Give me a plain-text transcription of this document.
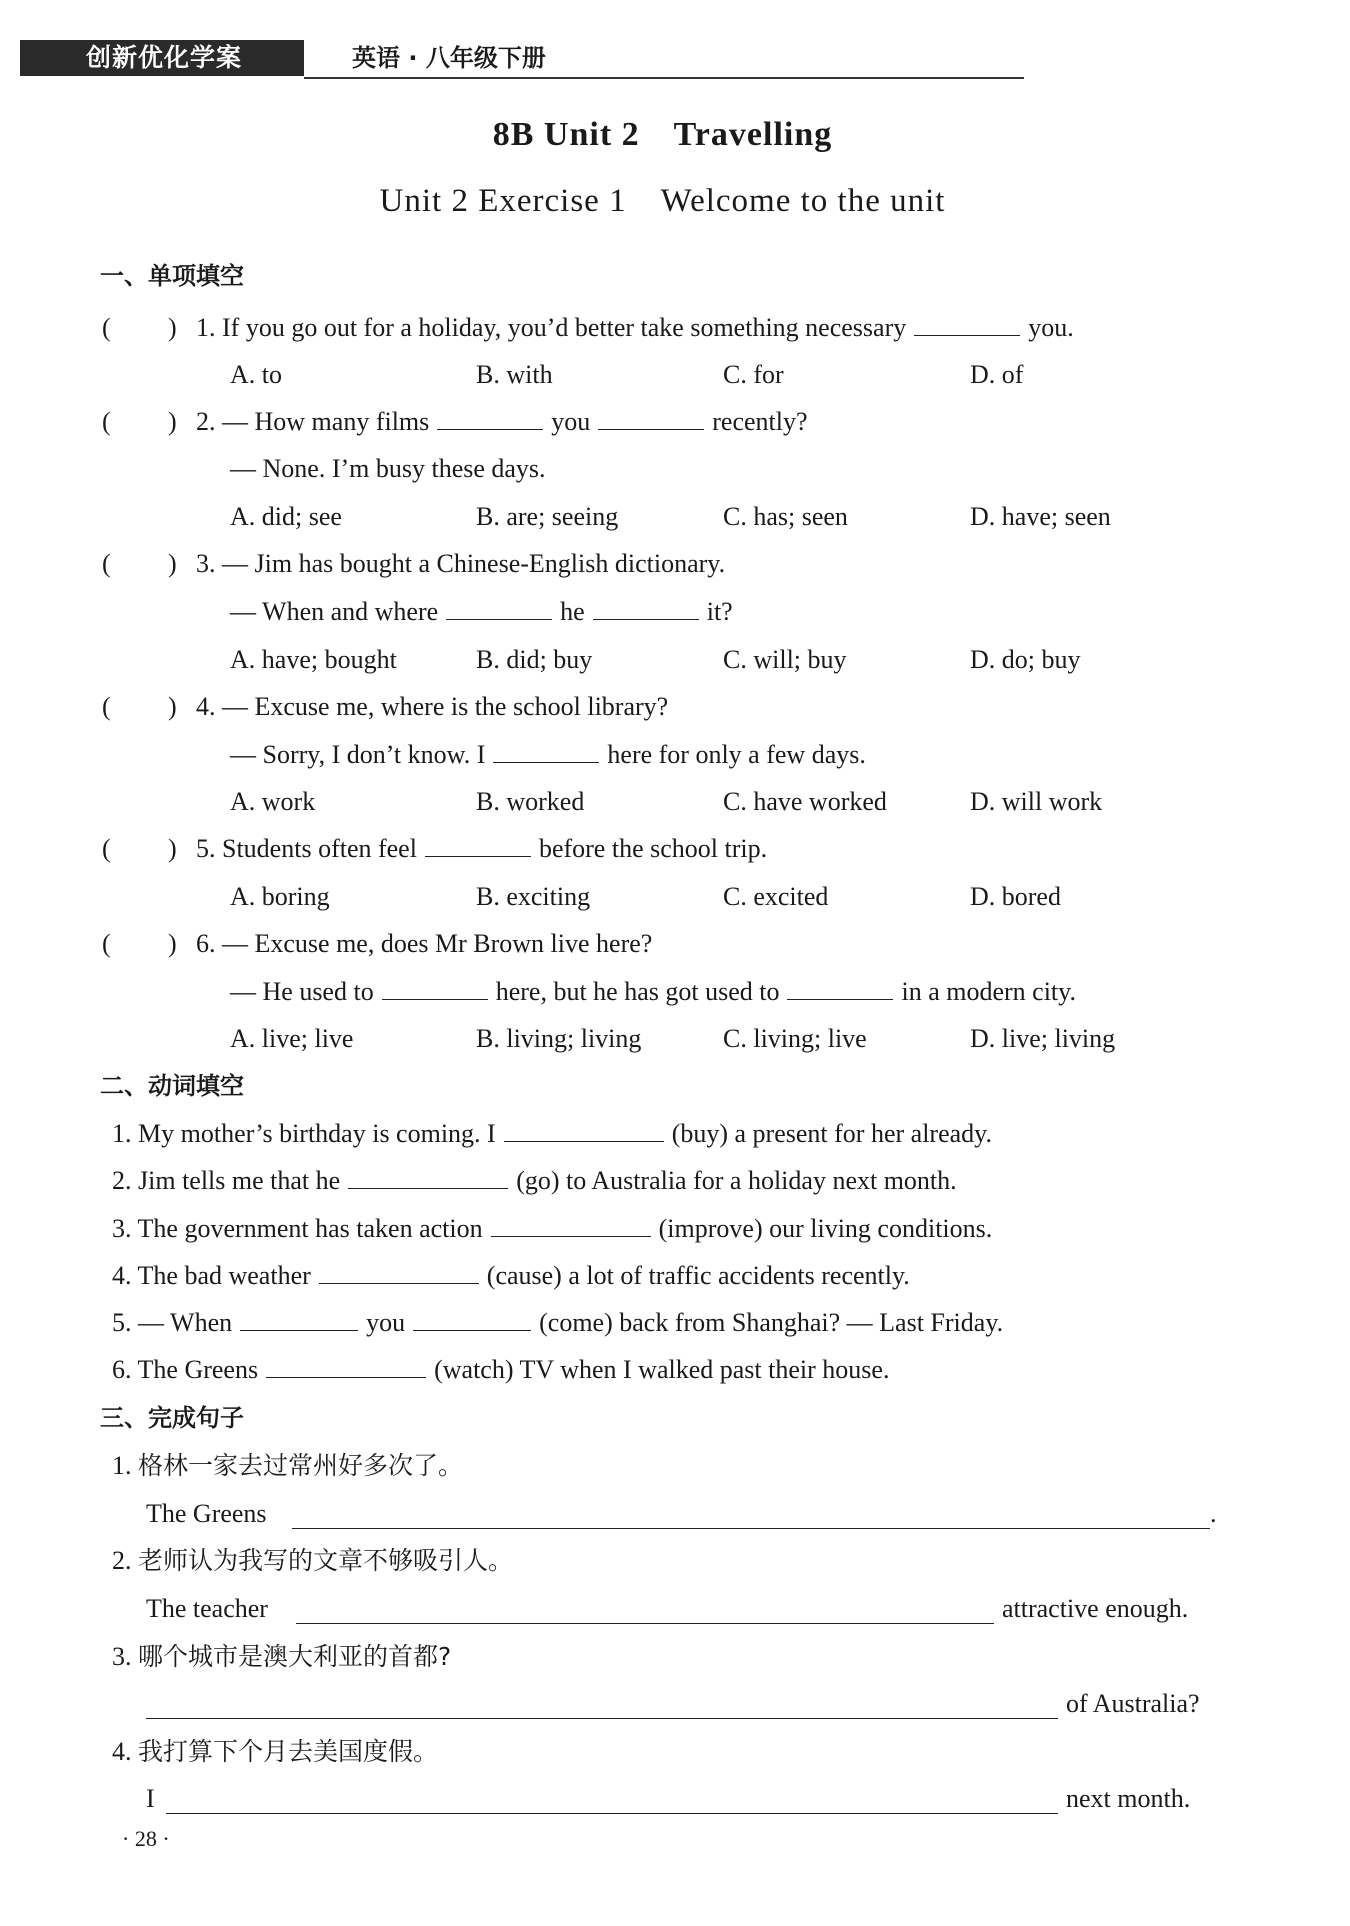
创新优化学案	英语 · 八年级下册
8B Unit 2 Travelling
Unit 2 Exercise 1 Welcome to the unit
一、单项填空
( ) 1. If you go out for a holiday, you’d better take something necessary	you.
A. to	B. with	C. for	D. of
( ) 2. — How many films	you	recently?
— None. I’m busy these days.
A. did; see	B. are; seeing	C. has; seen	D. have; seen
( ) 3. — Jim has bought a Chinese-English dictionary.
— When and where	he	it?
A. have; bought	B. did; buy	C. will; buy	D. do; buy
( ) 4. — Excuse me, where is the school library?
— Sorry, I don’t know. I	here for only a few days.
A. work	B. worked	C. have worked	D. will work
( ) 5. Students often feel	before the school trip.
A. boring	B. exciting	C. excited	D. bored
( ) 6. — Excuse me, does Mr Brown live here?
— He used to	here, but he has got used to	in a modern city.
A. live; live	B. living; living	C. living; live	D. live; living
二、动词填空
1. My mother’s birthday is coming. I	(buy) a present for her already.
2. Jim tells me that he	(go) to Australia for a holiday next month.
3. The government has taken action	(improve) our living conditions.
4. The bad weather	(cause) a lot of traffic accidents recently.
5. — When	you	(come) back from Shanghai? — Last Friday.
6. The Greens	(watch) TV when I walked past their house.
三、完成句子
1. 格林一家去过常州好多次了。
The Greens	.
2. 老师认为我写的文章不够吸引人。
The teacher	attractive enough.
3. 哪个城市是澳大利亚的首都?
of Australia?
4. 我打算下个月去美国度假。
I	next month.
· 28 ·
